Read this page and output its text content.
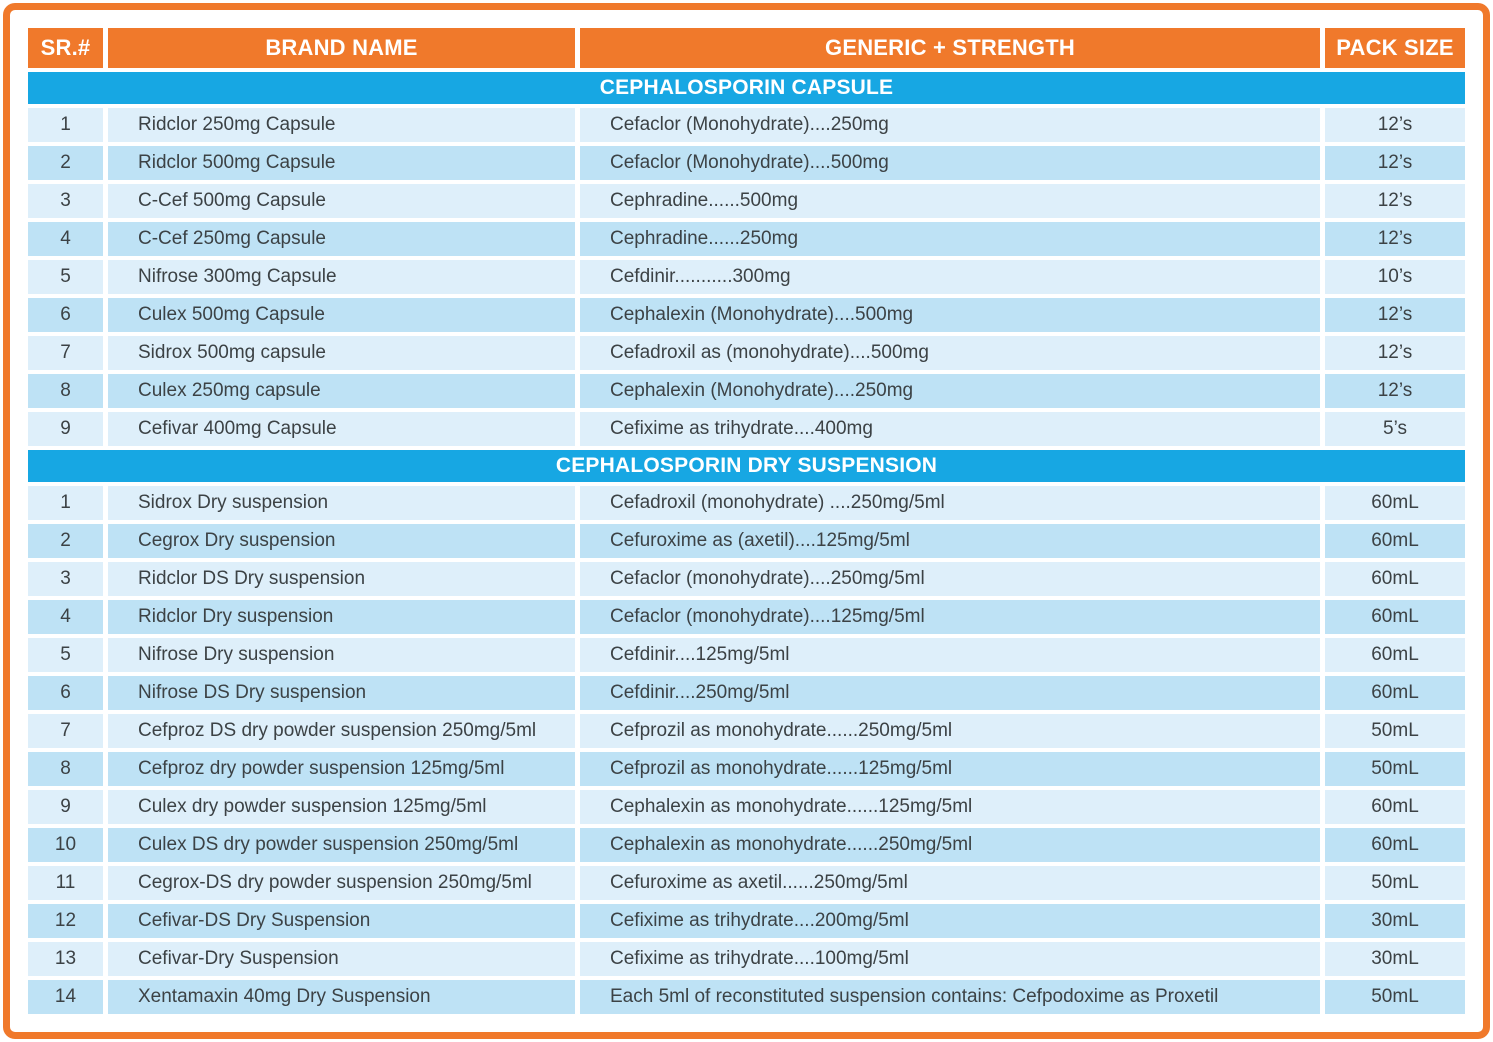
SR.#	BRAND NAME	GENERIC + STRENGTH	PACK SIZE
CEPHALOSPORIN CAPSULE
1	Ridclor 250mg Capsule	Cefaclor (Monohydrate)....250mg	12’s
2	Ridclor 500mg Capsule	Cefaclor (Monohydrate)....500mg	12’s
3	C-Cef 500mg Capsule	Cephradine......500mg	12’s
4	C-Cef 250mg Capsule	Cephradine......250mg	12’s
5	Nifrose 300mg Capsule	Cefdinir...........300mg	10’s
6	Culex 500mg Capsule	Cephalexin (Monohydrate)....500mg	12’s
7	Sidrox 500mg capsule	Cefadroxil as (monohydrate)....500mg	12’s
8	Culex 250mg capsule	Cephalexin (Monohydrate)....250mg	12’s
9	Cefivar 400mg Capsule	Cefixime as trihydrate....400mg	5’s
CEPHALOSPORIN DRY SUSPENSION
1	Sidrox Dry suspension	Cefadroxil (monohydrate) ....250mg/5ml	60mL
2	Cegrox Dry suspension	Cefuroxime as (axetil)....125mg/5ml	60mL
3	Ridclor DS Dry suspension	Cefaclor (monohydrate)....250mg/5ml	60mL
4	Ridclor Dry suspension	Cefaclor (monohydrate)....125mg/5ml	60mL
5	Nifrose Dry suspension	Cefdinir....125mg/5ml	60mL
6	Nifrose DS Dry suspension	Cefdinir....250mg/5ml	60mL
7	Cefproz DS dry powder suspension 250mg/5ml	Cefprozil as monohydrate......250mg/5ml	50mL
8	Cefproz dry powder suspension 125mg/5ml	Cefprozil as monohydrate......125mg/5ml	50mL
9	Culex dry powder suspension 125mg/5ml	Cephalexin as monohydrate......125mg/5ml	60mL
10	Culex DS dry powder suspension 250mg/5ml	Cephalexin as monohydrate......250mg/5ml	60mL
11	Cegrox-DS dry powder suspension 250mg/5ml	Cefuroxime as axetil......250mg/5ml	50mL
12	Cefivar-DS Dry Suspension	Cefixime as trihydrate....200mg/5ml	30mL
13	Cefivar-Dry Suspension	Cefixime as trihydrate....100mg/5ml	30mL
14	Xentamaxin 40mg Dry Suspension	Each 5ml of reconstituted suspension contains: Cefpodoxime as Proxetil	50mL
